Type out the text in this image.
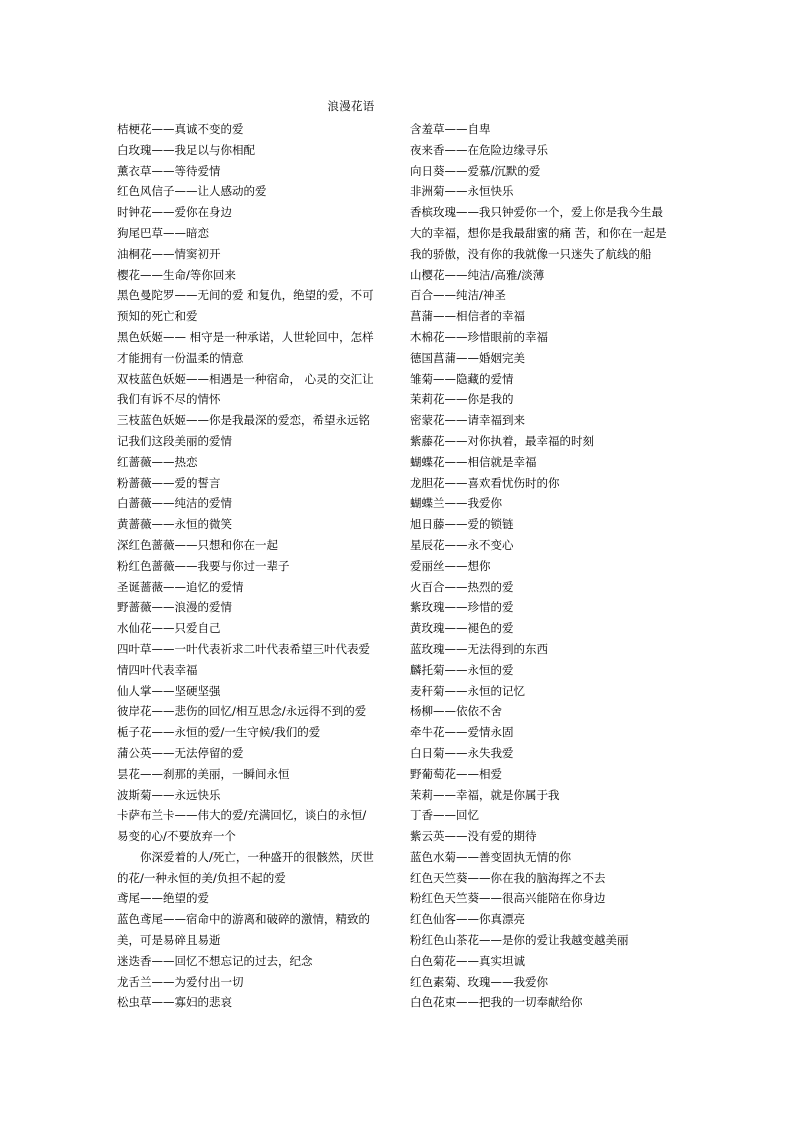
浪漫花语
桔梗花——真诚不变的爱
白玫瑰——我足以与你相配
薰衣草——等待爱情
红色风信子——让人感动的爱
时钟花——爱你在身边
狗尾巴草——暗恋
油桐花——情窦初开
樱花——生命/等你回来
黑色曼陀罗——无间的爱 和复仇，绝望的爱，不可
预知的死亡和爱
黑色妖姬—— 相守是一种承诺，人世轮回中，怎样
才能拥有一份温柔的情意
双枝蓝色妖姬——相遇是一种宿命， 心灵的交汇让
我们有诉不尽的情怀
三枝蓝色妖姬——你是我最深的爱恋，希望永远铭
记我们这段美丽的爱情
红蔷薇——热恋
粉蔷薇——爱的誓言
白蔷薇——纯洁的爱情
黄蔷薇——永恒的微笑
深红色蔷薇——只想和你在一起
粉红色蔷薇——我要与你过一辈子
圣诞蔷薇——追忆的爱情
野蔷薇——浪漫的爱情
水仙花——只爱自己
四叶草——一叶代表祈求二叶代表希望三叶代表爱
情四叶代表幸福
仙人掌——坚硬坚强
彼岸花——悲伤的回忆/相互思念/永远得不到的爱
栀子花——永恒的爱/一生守候/我们的爱
蒲公英——无法停留的爱
昙花——刹那的美丽，一瞬间永恒
波斯菊——永远快乐
卡萨布兰卡——伟大的爱/充满回忆，谈白的永恒/
易变的心/不要放弃一个
　　你深爱着的人/死亡，一种盛开的很骸然，厌世
的花/一种永恒的美/负担不起的爱
鸢尾——绝望的爱
蓝色鸢尾——宿命中的游离和破碎的激情，精致的
美，可是易碎且易逝
迷迭香——回忆不想忘记的过去，纪念
龙舌兰——为爱付出一切
松虫草——寡妇的悲哀
含羞草——自卑
夜来香——在危险边缘寻乐
向日葵——爱慕/沉默的爱
非洲菊——永恒快乐
香槟玫瑰——我只钟爱你一个，爱上你是我今生最
大的幸福，想你是我最甜蜜的痛 苦，和你在一起是
我的骄傲，没有你的我就像一只迷失了航线的船
山樱花——纯洁/高雅/淡薄
百合——纯洁/神圣
菖蒲——相信者的幸福
木棉花——珍惜眼前的幸福
德国菖蒲——婚姻完美
雏菊——隐藏的爱情
茉莉花——你是我的
密蒙花——请幸福到来
紫藤花——对你执着，最幸福的时刻
蝴蝶花——相信就是幸福
龙胆花——喜欢看忧伤时的你
蝴蝶兰——我爱你
旭日藤——爱的锁链
星辰花——永不变心
爱丽丝——想你
火百合——热烈的爱
紫玫瑰——珍惜的爱
黄玫瑰——褪色的爱
蓝玫瑰——无法得到的东西
麟托菊——永恒的爱
麦秆菊——永恒的记忆
杨柳——依依不舍
牵牛花——爱情永固
白日菊——永失我爱
野葡萄花——相爱
茉莉——幸福，就是你属于我
丁香——回忆
紫云英——没有爱的期待
蓝色水菊——善变固执无情的你
红色天竺葵——你在我的脑海挥之不去
粉红色天竺葵——很高兴能陪在你身边
红色仙客——你真漂亮
粉红色山茶花——是你的爱让我越变越美丽
白色菊花——真实坦诚
红色素菊、玫瑰——我爱你
白色花束——把我的一切奉献给你
